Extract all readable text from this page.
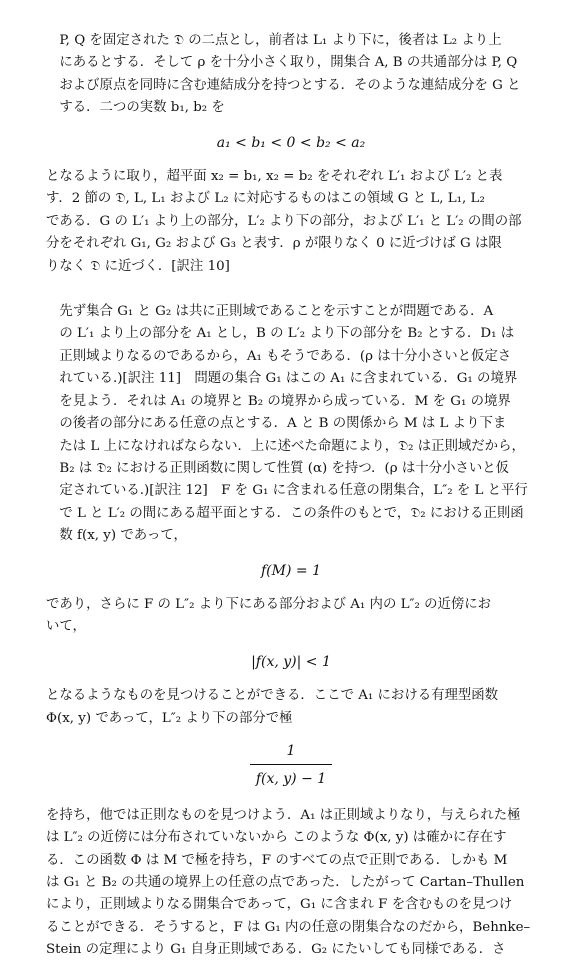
P, Q を固定された 𝔇 の二点とし，前者は L₁ より下に，後者は L₂ より上
にあるとする．そして ρ を十分小さく取り，開集合 A, B の共通部分は P, Q
および原点を同時に含む連結成分を持つとする．そのような連結成分を G と
する．二つの実数 b₁, b₂ を
a₁ < b₁ < 0 < b₂ < a₂
となるように取り，超平面 x₂ = b₁, x₂ = b₂ をそれぞれ L′₁ および L′₂ と表
す．2 節の 𝔇, L, L₁ および L₂ に対応するものはこの領域 G と L, L₁, L₂
である．G の L′₁ より上の部分，L′₂ より下の部分，および L′₁ と L′₂ の間の部
分をそれぞれ G₁, G₂ および G₃ と表す．ρ が限りなく 0 に近づけば G は限
りなく 𝔇 に近づく．[訳注 10]
先ず集合 G₁ と G₂ は共に正則域であることを示すことが問題である．A
の L′₁ より上の部分を A₁ とし，B の L′₂ より下の部分を B₂ とする．D₁ は
正則域よりなるのであるから，A₁ もそうである．(ρ は十分小さいと仮定さ
れている.)[訳注 11]　問題の集合 G₁ はこの A₁ に含まれている．G₁ の境界
を見よう．それは A₁ の境界と B₂ の境界から成っている．M を G₁ の境界
の後者の部分にある任意の点とする．A と B の関係から M は L より下ま
たは L 上になければならない．上に述べた命題により，𝔇₂ は正則域だから，
B₂ は 𝔇₂ における正則函数に関して性質 (α) を持つ．(ρ は十分小さいと仮
定されている.)[訳注 12]　F を G₁ に含まれる任意の閉集合，L″₂ を L と平行
で L と L′₂ の間にある超平面とする．この条件のもとで，𝔇₂ における正則函
数 f(x, y) であって，
f(M) = 1
であり，さらに F の L″₂ より下にある部分および A₁ 内の L″₂ の近傍にお
いて，
|f(x, y)| < 1
となるようなものを見つけることができる．ここで A₁ における有理型函数
Φ(x, y) であって，L″₂ より下の部分で極
$\frac{1}{f(x, y) - 1}$
を持ち，他では正則なものを見つけよう．A₁ は正則域よりなり，与えられた極
は L″₂ の近傍には分布されていないから このような Φ(x, y) は確かに存在す
る．この函数 Φ は M で極を持ち，F のすべての点で正則である．しかも M
は G₁ と B₂ の共通の境界上の任意の点であった．したがって Cartan–Thullen
により，正則域よりなる開集合であって，G₁ に含まれ F を含むものを見つけ
ることができる．そうすると，F は G₁ 内の任意の閉集合なのだから，Behnke–
Stein の定理により G₁ 自身正則域である．G₂ にたいしても同様である．さ
